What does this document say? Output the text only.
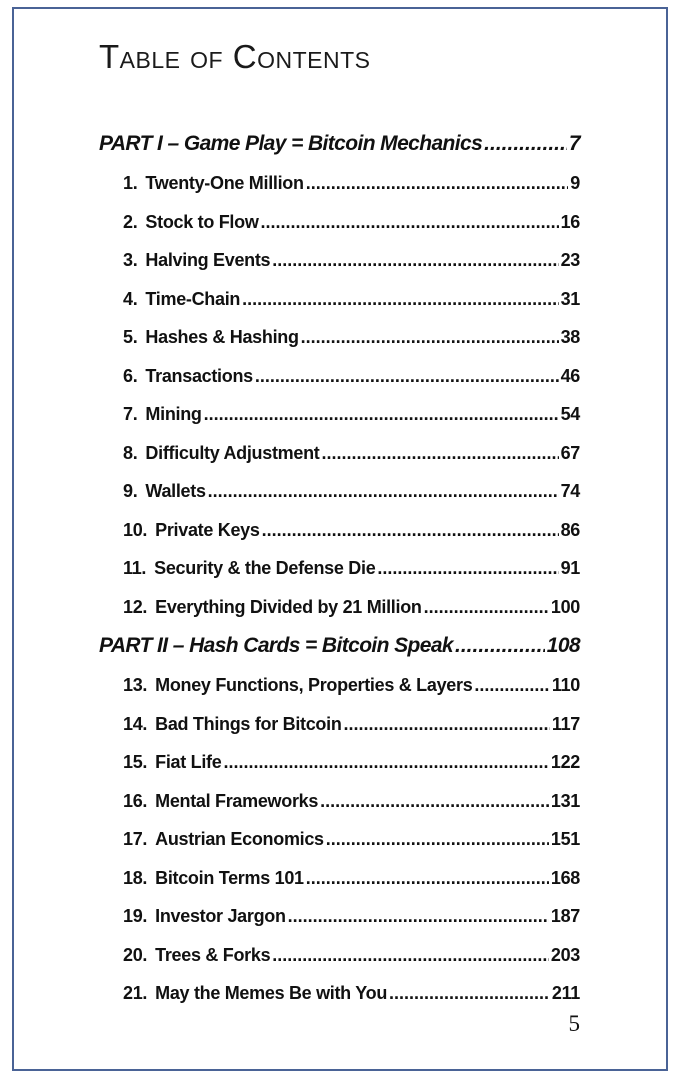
Table of Contents
PART I – Game Play = Bitcoin Mechanics .....	7
1. Twenty-One Million .....	9
2. Stock to Flow .....	16
3. Halving Events .....	23
4. Time-Chain .....	31
5. Hashes & Hashing .....	38
6. Transactions .....	46
7. Mining .....	54
8. Difficulty Adjustment .....	67
9. Wallets .....	74
10. Private Keys .....	86
11. Security & the Defense Die .....	91
12. Everything Divided by 21 Million .....	100
PART II – Hash Cards = Bitcoin Speak .....	108
13. Money Functions, Properties & Layers .....	110
14. Bad Things for Bitcoin .....	117
15. Fiat Life .....	122
16. Mental Frameworks .....	131
17. Austrian Economics .....	151
18. Bitcoin Terms 101 .....	168
19. Investor Jargon .....	187
20. Trees & Forks .....	203
21. May the Memes Be with You .....	211
5
